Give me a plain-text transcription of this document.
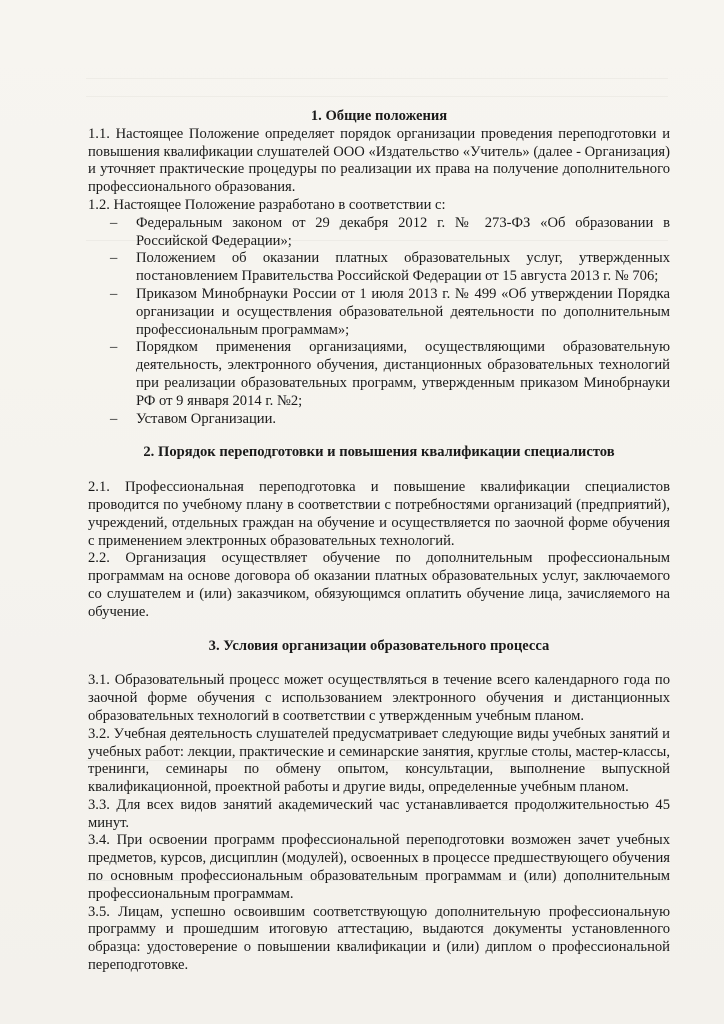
1. Общие положения

1.1. Настоящее Положение определяет порядок организации проведения переподготовки и повышения квалификации слушателей ООО «Издательство «Учитель» (далее - Организация) и уточняет практические процедуры по реализации их права на получение дополнительного профессионального образования.

1.2. Настоящее Положение разработано в соответствии с:

– Федеральным законом от 29 декабря 2012 г. № 273-ФЗ «Об образовании в Российской Федерации»;
– Положением об оказании платных образовательных услуг, утвержденных постановлением Правительства Российской Федерации от 15 августа 2013 г. № 706;
– Приказом Минобрнауки России от 1 июля 2013 г. № 499 «Об утверждении Порядка организации и осуществления образовательной деятельности по дополнительным профессиональным программам»;
– Порядком применения организациями, осуществляющими образовательную деятельность, электронного обучения, дистанционных образовательных технологий при реализации образовательных программ, утвержденным приказом Минобрнауки РФ от 9 января 2014 г. №2;
– Уставом Организации.
2. Порядок переподготовки и повышения квалификации специалистов

2.1. Профессиональная переподготовка и повышение квалификации специалистов проводится по учебному плану в соответствии с потребностями организаций (предприятий), учреждений, отдельных граждан на обучение и осуществляется по заочной форме обучения с применением электронных образовательных технологий.

2.2. Организация осуществляет обучение по дополнительным профессиональным программам на основе договора об оказании платных образовательных услуг, заключаемого со слушателем и (или) заказчиком, обязующимся оплатить обучение лица, зачисляемого на обучение.

3. Условия организации образовательного процесса

3.1. Образовательный процесс может осуществляться в течение всего календарного года по заочной форме обучения с использованием электронного обучения и дистанционных образовательных технологий в соответствии с утвержденным учебным планом.

3.2. Учебная деятельность слушателей предусматривает следующие виды учебных занятий и учебных работ: лекции, практические и семинарские занятия, круглые столы, мастер-классы, тренинги, семинары по обмену опытом, консультации, выполнение выпускной квалификационной, проектной работы и другие виды, определенные учебным планом.

3.3. Для всех видов занятий академический час устанавливается продолжительностью 45 минут.

3.4. При освоении программ профессиональной переподготовки возможен зачет учебных предметов, курсов, дисциплин (модулей), освоенных в процессе предшествующего обучения по основным профессиональным образовательным программам и (или) дополнительным профессиональным программам.

3.5. Лицам, успешно освоившим соответствующую дополнительную профессиональную программу и прошедшим итоговую аттестацию, выдаются документы установленного образца: удостоверение о повышении квалификации и (или) диплом о профессиональной переподготовке.
